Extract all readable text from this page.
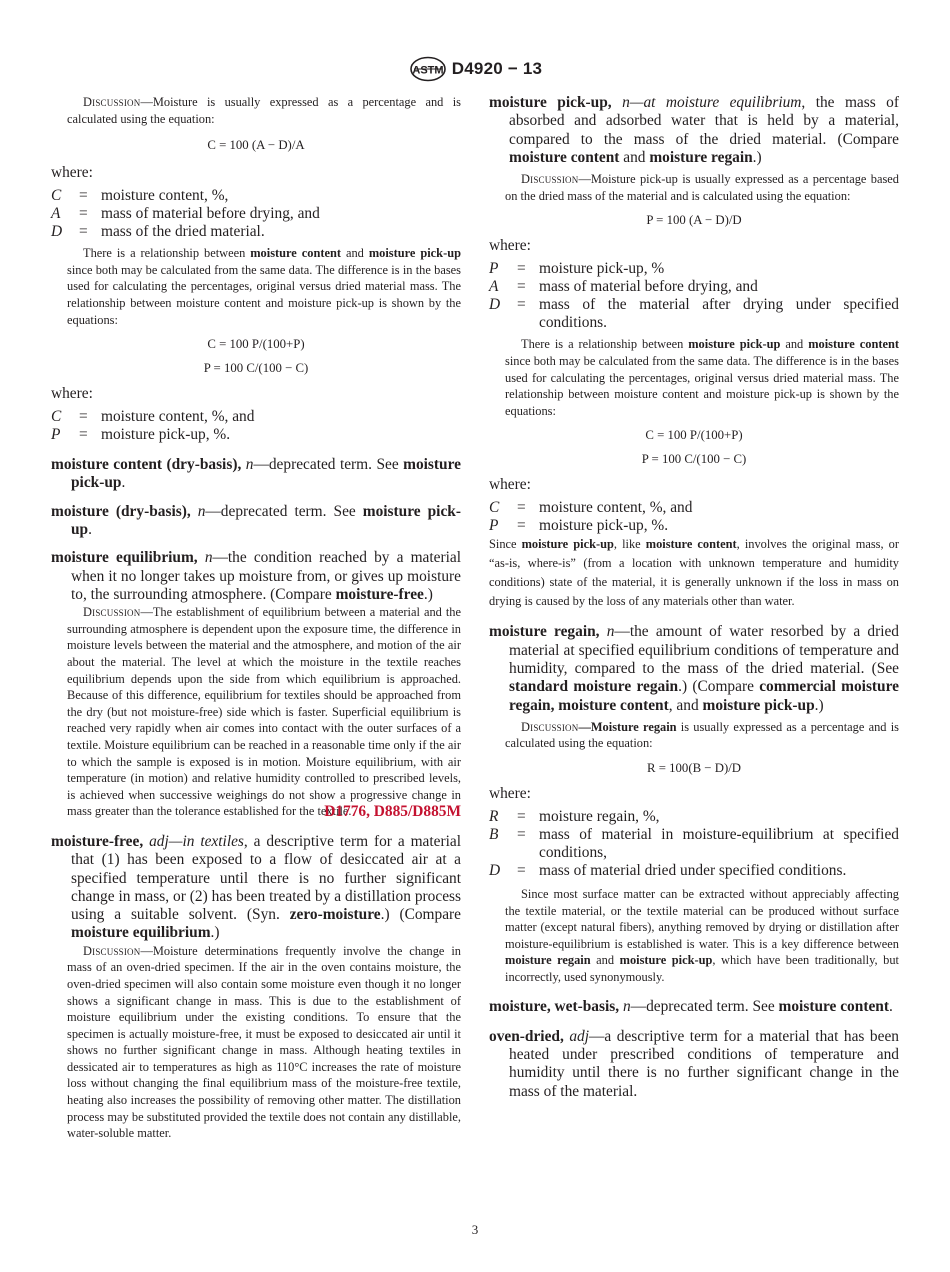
ASTM D4920 − 13

Discussion—Moisture is usually expressed as a percentage and is calculated using the equation:

C = 100 (A − D)/A

where:

C	= moisture content, %,
A	= mass of material before drying, and
D	= mass of the dried material.

There is a relationship between moisture content and moisture pick-up since both may be calculated from the same data. The difference is in the bases used for calculating the percentages, original versus dried material mass. The relationship between moisture content and moisture pick-up is shown by the equations:

C = 100 P/(100+P)

P = 100 C/(100 − C)

where:

C	= moisture content, %, and
P	= moisture pick-up, %.

moisture content (dry-basis), n—deprecated term. See moisture pick-up.

moisture (dry-basis), n—deprecated term. See moisture pick-up.

moisture equilibrium, n—the condition reached by a material when it no longer takes up moisture from, or gives up moisture to, the surrounding atmosphere. (Compare moisture-free.)

Discussion—The establishment of equilibrium between a material and the surrounding atmosphere is dependent upon the exposure time, the difference in moisture levels between the material and the atmosphere, and motion of the air about the material. The level at which the moisture in the textile reaches equilibrium depends upon the side from which equilibrium is approached. Because of this difference, equilibrium for textiles should be approached from the dry (but not moisture-free) side which is faster. Superficial equilibrium is reached very rapidly when air comes into contact with the outer surfaces of a textile. Moisture equilibrium can be reached in a reasonable time only if the air to which the sample is exposed is in motion. Moisture equilibrium, with air temperature (in motion) and relative humidity controlled to prescribed levels, is achieved when successive weighings do not show a progressive change in mass greater than the tolerance established for the textile.

D1776, D885/D885M

moisture-free, adj—in textiles, a descriptive term for a material that (1) has been exposed to a flow of desiccated air at a specified temperature until there is no further significant change in mass, or (2) has been treated by a distillation process using a suitable solvent. (Syn. zero-moisture.) (Compare moisture equilibrium.)

Discussion—Moisture determinations frequently involve the change in mass of an oven-dried specimen. If the air in the oven contains moisture, the oven-dried specimen will also contain some moisture even though it no longer shows a significant change in mass. This is due to the establishment of moisture equilibrium under the existing conditions. To ensure that the specimen is actually moisture-free, it must be exposed to desiccated air until it shows no further significant change in mass. Although heating textiles in dessicated air to temperatures as high as 110°C increases the rate of moisture loss without changing the final equilibrium mass of the moisture-free textile, heating also increases the possibility of removing other matter. The distillation process may be substituted provided the textile does not contain any distillable, water-soluble matter.

moisture pick-up, n—at moisture equilibrium, the mass of absorbed and adsorbed water that is held by a material, compared to the mass of the dried material. (Compare moisture content and moisture regain.)

Discussion—Moisture pick-up is usually expressed as a percentage based on the dried mass of the material and is calculated using the equation:

P = 100 (A − D)/D

where:

P	= moisture pick-up, %
A	= mass of material before drying, and
D	= mass of the material after drying under specified conditions.

There is a relationship between moisture pick-up and moisture content since both may be calculated from the same data. The difference is in the bases used for calculating the percentages, original versus dried material mass. The relationship between moisture content and moisture pick-up is shown by the equations:

C = 100 P/(100+P)

P = 100 C/(100 − C)

where:

C	= moisture content, %, and
P	= moisture pick-up, %.

Since moisture pick-up, like moisture content, involves the original mass, or “as-is, where-is” (from a location with unknown temperature and humidity conditions) state of the material, it is generally unknown if the loss in mass on drying is caused by the loss of any materials other than water.

moisture regain, n—the amount of water resorbed by a dried material at specified equilibrium conditions of temperature and humidity, compared to the mass of the dried material. (See standard moisture regain.) (Compare commercial moisture regain, moisture content, and moisture pick-up.)

Discussion—Moisture regain is usually expressed as a percentage and is calculated using the equation:

R = 100(B − D)/D

where:

R	= moisture regain, %,
B	= mass of material in moisture-equilibrium at specified conditions,
D	= mass of material dried under specified conditions.

Since most surface matter can be extracted without appreciably affecting the textile material, or the textile material can be produced without surface matter (except natural fibers), anything removed by drying or distillation after moisture-equilibrium is established is water. This is a key difference between moisture regain and moisture pick-up, which have been traditionally, but incorrectly, used synonymously.

moisture, wet-basis, n—deprecated term. See moisture content.

oven-dried, adj—a descriptive term for a material that has been heated under prescribed conditions of temperature and humidity until there is no further significant change in the mass of the material.

3
